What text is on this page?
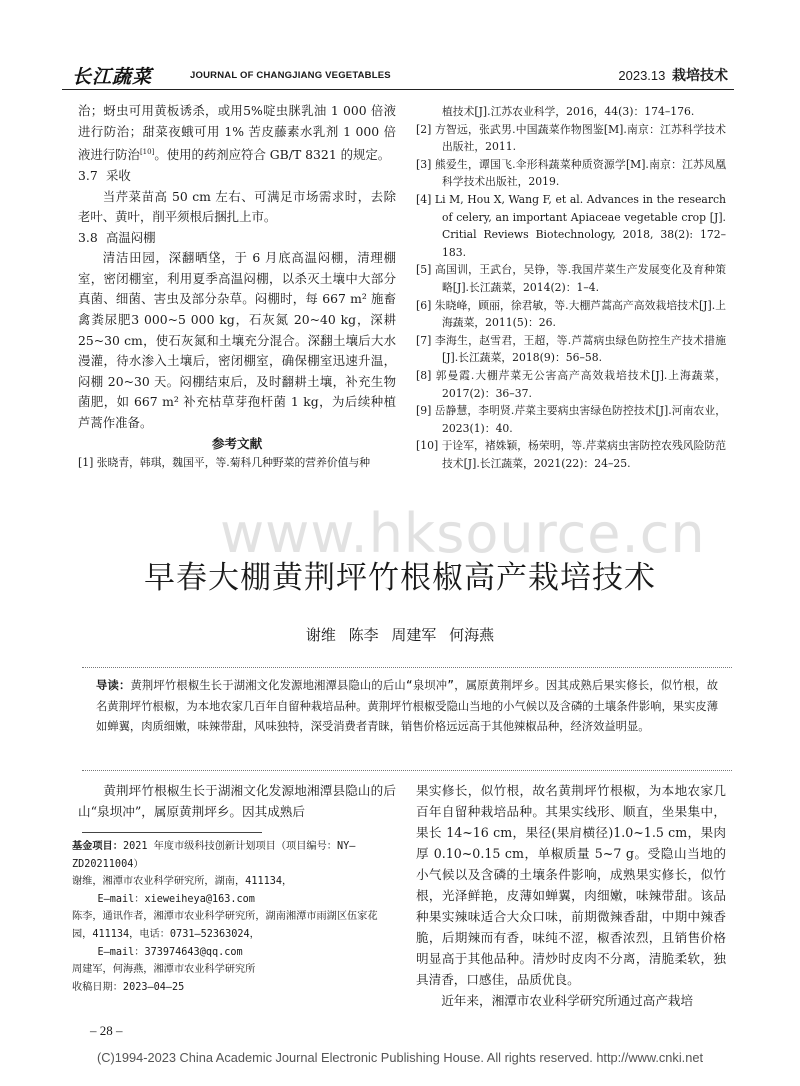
长江蔬菜	JOURNAL OF CHANGJIANG VEGETABLES	2023.13 栽培技术

治；蚜虫可用黄板诱杀，或用5%啶虫脒乳油 1 000 倍液进行防治；甜菜夜蛾可用 1% 苦皮藤素水乳剂 1 000 倍液进行防治[10]。使用的药剂应符合 GB/T 8321 的规定。

3.7 采收

当芹菜苗高 50 cm 左右、可满足市场需求时，去除老叶、黄叶，削平须根后捆扎上市。

3.8 高温闷棚

清洁田园，深翻晒垡，于 6 月底高温闷棚，清理棚室，密闭棚室，利用夏季高温闷棚，以杀灭土壤中大部分真菌、细菌、害虫及部分杂草。闷棚时，每 667 m² 施畜禽粪尿肥3 000~5 000 kg，石灰氮 20~40 kg，深耕 25~30 cm，使石灰氮和土壤充分混合。深翻土壤后大水漫灌，待水渗入土壤后，密闭棚室，确保棚室迅速升温，闷棚 20~30 天。闷棚结束后，及时翻耕土壤，补充生物菌肥，如 667 m² 补充枯草芽孢杆菌 1 kg，为后续种植芦蒿作准备。

参考文献

[1] 张晓青，韩琪，魏国平，等.菊科几种野菜的营养价值与种

植技术[J].江苏农业科学，2016，44(3)：174–176.

[2] 方智远，张武男.中国蔬菜作物图鉴[M].南京：江苏科学技术出版社，2011.

[3] 熊爱生，谭国飞.伞形科蔬菜种质资源学[M].南京：江苏凤凰科学技术出版社，2019.

[4] Li M, Hou X, Wang F, et al. Advances in the research of celery, an important Apiaceae vegetable crop [J]. Critial Reviews Biotechnology, 2018, 38(2): 172–183.

[5] 高国训，王武台，吴铮，等.我国芹菜生产发展变化及育种策略[J].长江蔬菜，2014(2)：1–4.

[6] 朱晓峰，顾丽，徐君敏，等.大棚芦蒿高产高效栽培技术[J].上海蔬菜，2011(5)：26.

[7] 李海生，赵雪君，王超，等.芦蒿病虫绿色防控生产技术措施[J].长江蔬菜，2018(9)：56–58.

[8] 郭曼霞.大棚芹菜无公害高产高效栽培技术[J].上海蔬菜，2017(2)：36–37.

[9] 岳静慧，李明贤.芹菜主要病虫害绿色防控技术[J].河南农业，2023(1)：40.

[10] 于诠军，褚姝颖，杨荣明，等.芹菜病虫害防控农残风险防范技术[J].长江蔬菜，2021(22)：24–25.

www.hksource.cn
早春大棚黄荆坪竹根椒高产栽培技术
谢维 陈李 周建军 何海燕
导读：黄荆坪竹根椒生长于湖湘文化发源地湘潭县隐山的后山“泉坝冲”，属原黄荆坪乡。因其成熟后果实修长，似竹根，故名黄荆坪竹根椒，为本地农家几百年自留种栽培品种。黄荆坪竹根椒受隐山当地的小气候以及含磷的土壤条件影响，果实皮薄如蝉翼，肉质细嫩，味辣带甜，风味独特，深受消费者青睐，销售价格远远高于其他辣椒品种，经济效益明显。

黄荆坪竹根椒生长于湖湘文化发源地湘潭县隐山的后山“泉坝冲”，属原黄荆坪乡。因其成熟后

基金项目：2021 年度市级科技创新计划项目（项目编号：NY–ZD20211004）

谢维，湘潭市农业科学研究所，湖南，411134，

E–mail：xieweiheya@163.com

陈李，通讯作者，湘潭市农业科学研究所，湖南湘潭市雨湖区伍家花园，411134，电话：0731–52363024，

E–mail：373974643@qq.com

周建军，何海燕，湘潭市农业科学研究所

收稿日期：2023–04–25

果实修长，似竹根，故名黄荆坪竹根椒，为本地农家几百年自留种栽培品种。其果实线形、顺直，坐果集中，果长 14~16 cm，果径(果肩横径)1.0~1.5 cm，果肉厚 0.10~0.15 cm，单椒质量 5~7 g。受隐山当地的小气候以及含磷的土壤条件影响，成熟果实修长，似竹根，光泽鲜艳，皮薄如蝉翼，肉细嫩，味辣带甜。该品种果实辣味适合大众口味，前期微辣香甜，中期中辣香脆，后期辣而有香，味纯不涩，椒香浓烈，且销售价格明显高于其他品种。清炒时皮肉不分离，清脆柔软，独具清香，口感佳，品质优良。

近年来，湘潭市农业科学研究所通过高产栽培

– 28 –
(C)1994-2023 China Academic Journal Electronic Publishing House. All rights reserved. http://www.cnki.net
